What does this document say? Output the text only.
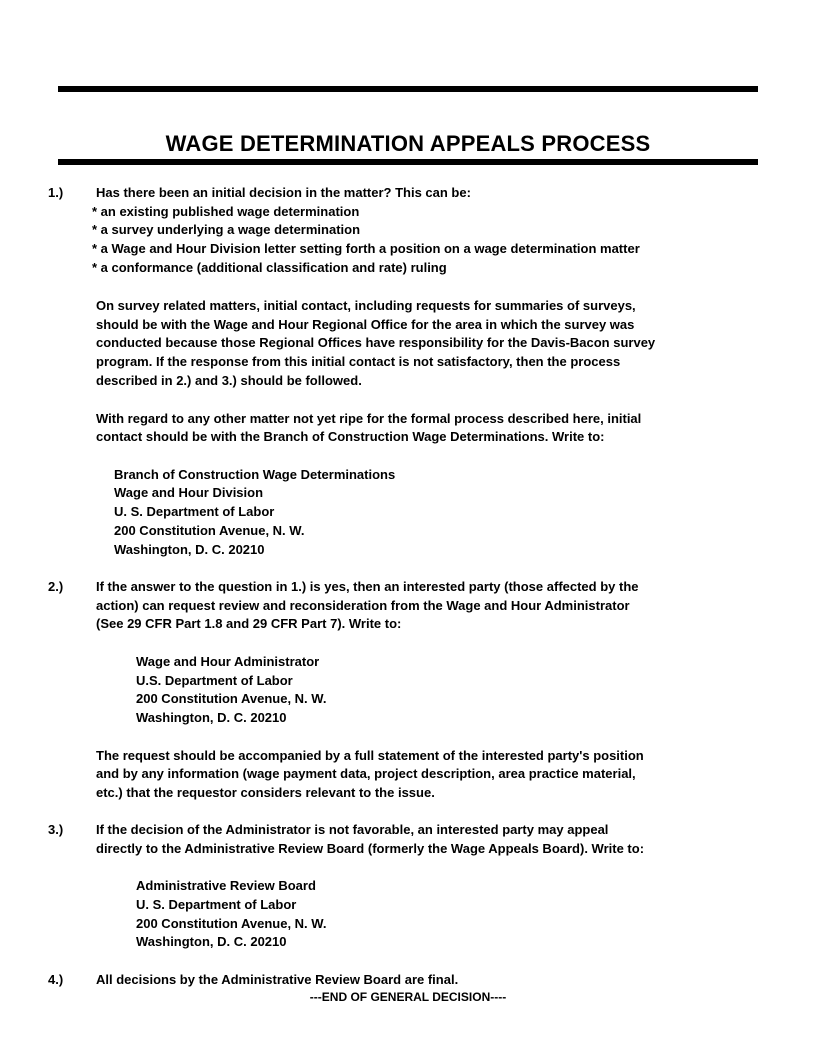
WAGE DETERMINATION APPEALS PROCESS
1.)	Has there been an initial decision in the matter? This can be:
* an existing published wage determination
* a survey underlying a wage determination
* a Wage and Hour Division letter setting forth a position on a wage determination matter
* a conformance (additional classification and rate) ruling
On survey related matters, initial contact, including requests for summaries of surveys,
should be with the Wage and Hour Regional Office for the area in which the survey was
conducted because those Regional Offices have responsibility for the Davis-Bacon survey
program. If the response from this initial contact is not satisfactory, then the process
described in 2.) and 3.) should be followed.
With regard to any other matter not yet ripe for the formal process described here, initial
contact should be with the Branch of Construction Wage Determinations. Write to:
Branch of Construction Wage Determinations
Wage and Hour Division
U. S. Department of Labor
200 Constitution Avenue, N. W.
Washington, D. C. 20210
2.)	If the answer to the question in 1.) is yes, then an interested party (those affected by the
action) can request review and reconsideration from the Wage and Hour Administrator
(See 29 CFR Part 1.8 and 29 CFR Part 7). Write to:
Wage and Hour Administrator
U.S. Department of Labor
200 Constitution Avenue, N. W.
Washington, D. C. 20210
The request should be accompanied by a full statement of the interested party's position
and by any information (wage payment data, project description, area practice material,
etc.) that the requestor considers relevant to the issue.
3.)	If the decision of the Administrator is not favorable, an interested party may appeal
directly to the Administrative Review Board (formerly the Wage Appeals Board). Write to:
Administrative Review Board
U. S. Department of Labor
200 Constitution Avenue, N. W.
Washington, D. C. 20210
4.)	All decisions by the Administrative Review Board are final.
---END OF GENERAL DECISION----
